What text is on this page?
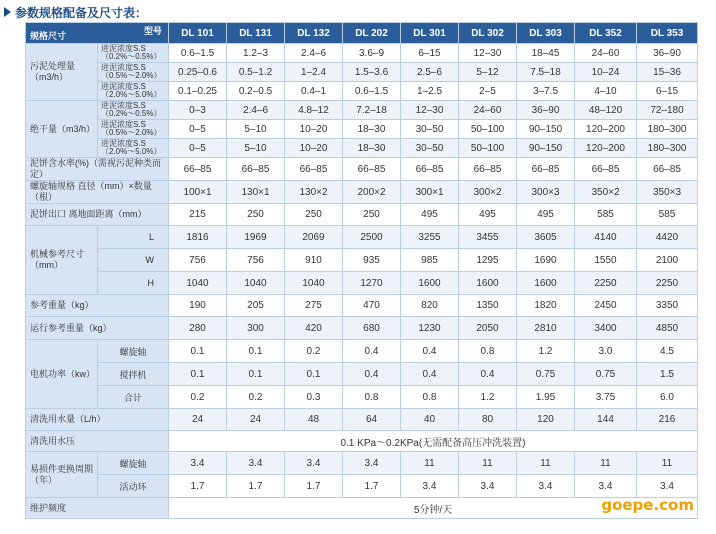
参数规格配备及尺寸表：
型号
规格尺寸		DL 101	DL 131	DL 132	DL 202	DL 301	DL 302	DL 303	DL 352	DL 353
污泥处理量（m3/h）	进泥浓度S.S（0.2%～0.5%）	0.6–1.5	1.2–3	2.4–6	3.6–9	6–15	12–30	18–45	24–60	36–90
	进泥浓度S.S（0.5%～2.0%）	0.25–0.6	0.5–1.2	1–2.4	1.5–3.6	2.5–6	5–12	7.5–18	10–24	15–36
	进泥浓度S.S（2.0%～5.0%）	0.1–0.25	0.2–0.5	0.4–1	0.6–1.5	1–2.5	2–5	3–7.5	4–10	6–15
绝干量（m3/h）	进泥浓度S.S（0.2%～0.5%）	0–3	2.4–6	4.8–12	7.2–18	12–30	24–60	36–90	48–120	72–180
	进泥浓度S.S（0.5%～2.0%）	0–5	5–10	10–20	18–30	30–50	50–100	90–150	120–200	180–300
	进泥浓度S.S（2.0%～5.0%）	0–5	5–10	10–20	18–30	30–50	50–100	90–150	120–200	180–300
泥饼含水率(%)（需视污泥种类而定）		66–85	66–85	66–85	66–85	66–85	66–85	66–85	66–85	66–85
螺旋轴规格 直径（mm）×数量（根）		100×1	130×1	130×2	200×2	300×1	300×2	300×3	350×2	350×3
泥饼出口 离地面距离（mm）		215	250	250	250	495	495	495	585	585
机械参考尺寸（mm）	L	1816	1969	2069	2500	3255	3455	3605	4140	4420
	W	756	756	910	935	985	1295	1690	1550	2100
	H	1040	1040	1040	1270	1600	1600	1600	2250	2250
参考重量（kg）		190	205	275	470	820	1350	1820	2450	3350
运行参考重量（kg）		280	300	420	680	1230	2050	2810	3400	4850
电机功率（kw）	螺旋轴	0.1	0.1	0.2	0.4	0.4	0.8	1.2	3.0	4.5
	搅拌机	0.1	0.1	0.1	0.4	0.4	0.4	0.75	0.75	1.5
	合计	0.2	0.2	0.3	0.8	0.8	1.2	1.95	3.75	6.0
清洗用水量（L/h）		24	24	48	64	40	80	120	144	216
清洗用水压		0.1 KPa～0.2KPa(无需配备高压冲洗装置)								
易损件更换周期（年）	螺旋轴	3.4	3.4	3.4	3.4	11	11	11	11	11
	活动环	1.7	1.7	1.7	1.7	3.4	3.4	3.4	3.4	3.4
维护频度		5分钟/天									goepe.com
